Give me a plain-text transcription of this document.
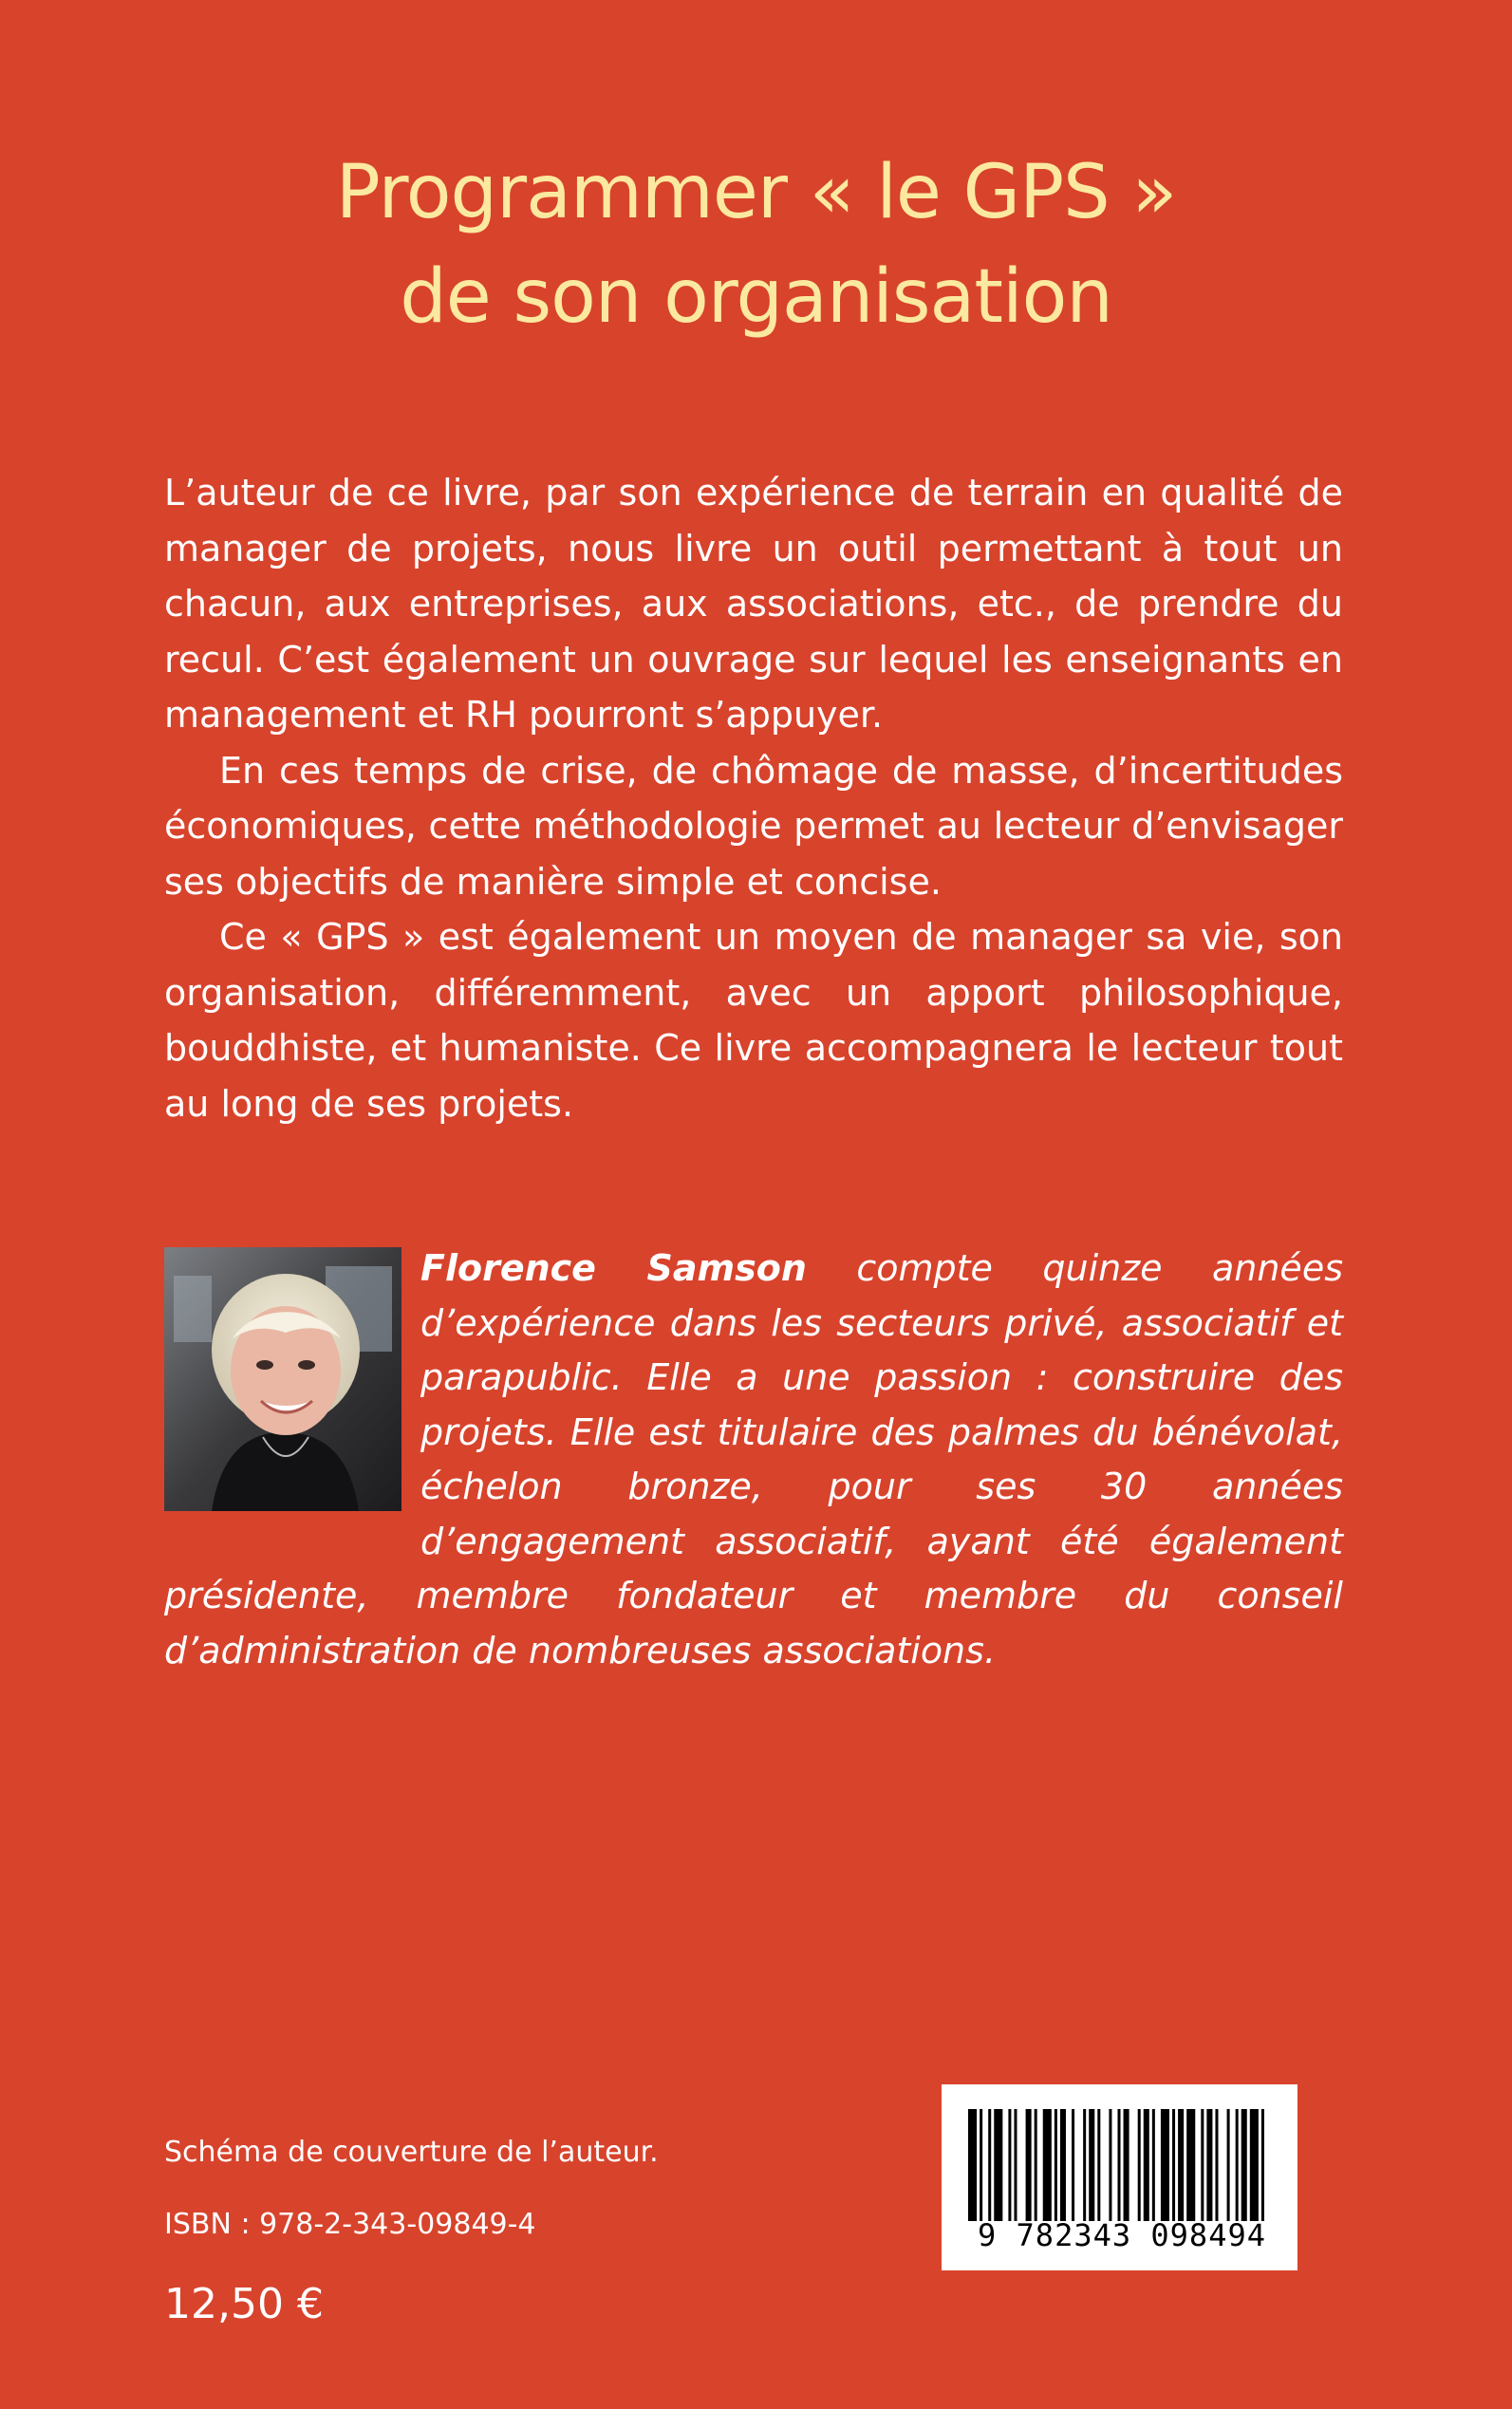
Programmer « le GPS »
de son organisation

L’auteur de ce livre, par son expérience de terrain en qualité de manager de projets, nous livre un outil permettant à tout un chacun, aux entreprises, aux associations, etc., de prendre du recul. C’est également un ouvrage sur lequel les enseignants en management et RH pourront s’appuyer.

En ces temps de crise, de chômage de masse, d’incertitudes économiques, cette méthodologie permet au lecteur d’envisager ses objectifs de manière simple et concise.

Ce « GPS » est également un moyen de manager sa vie, son organisation, différemment, avec un apport philosophique, bouddhiste, et humaniste. Ce livre accompagnera le lecteur tout au long de ses projets.

Florence Samson compte quinze années d’expérience dans les secteurs privé, associatif et parapublic. Elle a une passion : construire des projets. Elle est titulaire des palmes du bénévolat, échelon bronze, pour ses 30 années d’engagement associatif, ayant été également présidente, membre fondateur et membre du conseil d’administration de nombreuses associations.
Schéma de couverture de l’auteur.
ISBN : 978-2-343-09849-4
12,50 €
9 782343 098494
